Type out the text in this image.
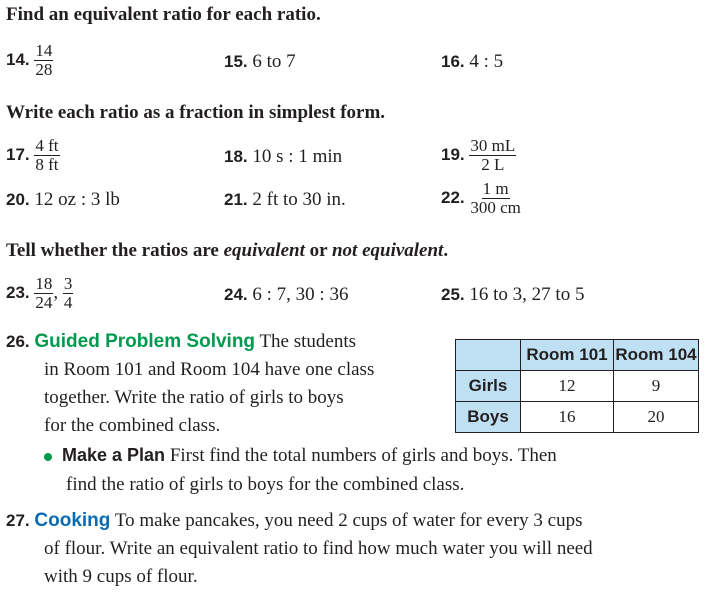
Find an equivalent ratio for each ratio.
14. $\frac{14}{28}$	15. 6 to 7	16. 4 : 5
Write each ratio as a fraction in simplest form.
17. $\frac{4 ft}{8 ft}$	18. 10 s : 1 min	19. $\frac{30 mL}{2 L}$
20. 12 oz : 3 lb	21. 2 ft to 30 in.	22. $\frac{1 m}{300 cm}$
Tell whether the ratios are equivalent or not equivalent.
23. $\frac{18}{24}$ , $\frac{3}{4}$	24. 6 : 7, 30 : 36	25. 16 to 3, 27 to 5
26. Guided Problem Solving The students
in Room 101 and Room 104 have one class
together. Write the ratio of girls to boys
for the combined class.
	Room 101	Room 104
Girls	12	9
Boys	16	20
Make a Plan First find the total numbers of girls and boys. Then
find the ratio of girls to boys for the combined class.
27. Cooking To make pancakes, you need 2 cups of water for every 3 cups
of flour. Write an equivalent ratio to find how much water you will need
with 9 cups of flour.
